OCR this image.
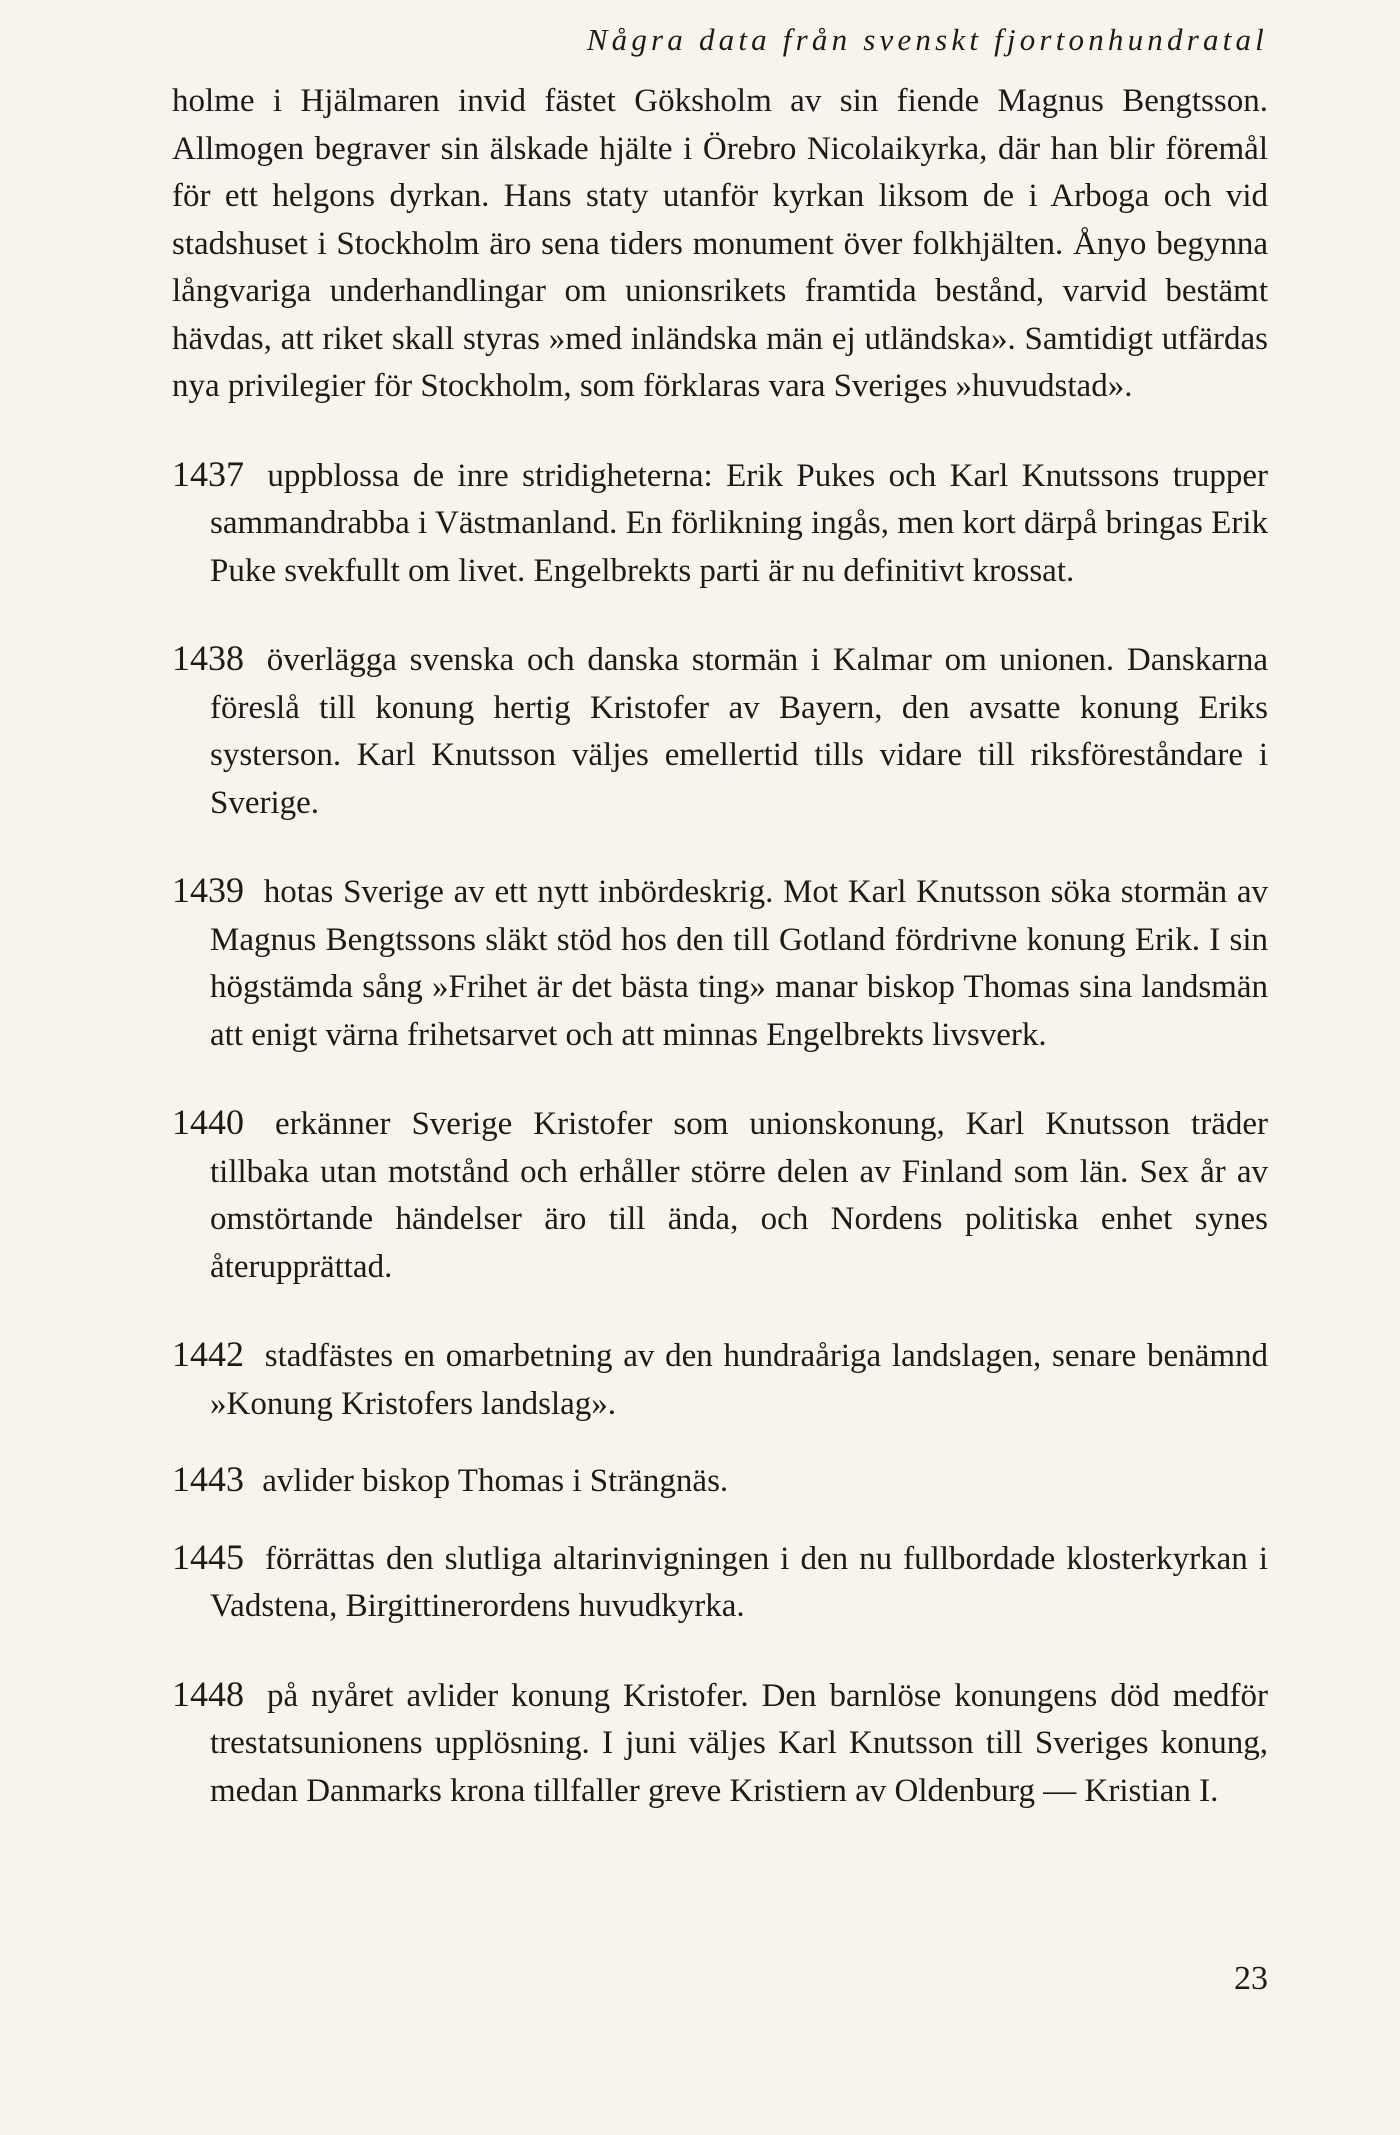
Några data från svenskt fjortonhundratal

holme i Hjälmaren invid fästet Göksholm av sin fiende Magnus Bengtsson. Allmogen begraver sin älskade hjälte i Örebro Nicolaikyrka, där han blir föremål för ett helgons dyrkan. Hans staty utanför kyrkan liksom de i Arboga och vid stadshuset i Stockholm äro sena tiders monument över folkhjälten. Ånyo begynna långvariga underhandlingar om unionsrikets framtida bestånd, varvid bestämt hävdas, att riket skall styras »med inländska män ej utländska». Samtidigt utfärdas nya privilegier för Stockholm, som förklaras vara Sveriges »huvudstad».

1437 uppblossa de inre stridigheterna: Erik Pukes och Karl Knutssons trupper sammandrabba i Västmanland. En förlikning ingås, men kort därpå bringas Erik Puke svekfullt om livet. Engelbrekts parti är nu definitivt krossat.

1438 överlägga svenska och danska stormän i Kalmar om unionen. Danskarna föreslå till konung hertig Kristofer av Bayern, den avsatte konung Eriks systerson. Karl Knutsson väljes emellertid tills vidare till riksföreståndare i Sverige.

1439 hotas Sverige av ett nytt inbördeskrig. Mot Karl Knutsson söka stormän av Magnus Bengtssons släkt stöd hos den till Gotland fördrivne konung Erik. I sin högstämda sång »Frihet är det bästa ting» manar biskop Thomas sina landsmän att enigt värna frihetsarvet och att minnas Engelbrekts livsverk.

1440 erkänner Sverige Kristofer som unionskonung, Karl Knutsson träder tillbaka utan motstånd och erhåller större delen av Finland som län. Sex år av omstörtande händelser äro till ända, och Nordens politiska enhet synes återupprättad.

1442 stadfästes en omarbetning av den hundraåriga landslagen, senare benämnd »Konung Kristofers landslag».

1443 avlider biskop Thomas i Strängnäs.

1445 förrättas den slutliga altarinvigningen i den nu fullbordade klosterkyrkan i Vadstena, Birgittinerordens huvudkyrka.

1448 på nyåret avlider konung Kristofer. Den barnlöse konungens död medför trestatsunionens upplösning. I juni väljes Karl Knutsson till Sveriges konung, medan Danmarks krona tillfaller greve Kristiern av Oldenburg — Kristian I.

23
